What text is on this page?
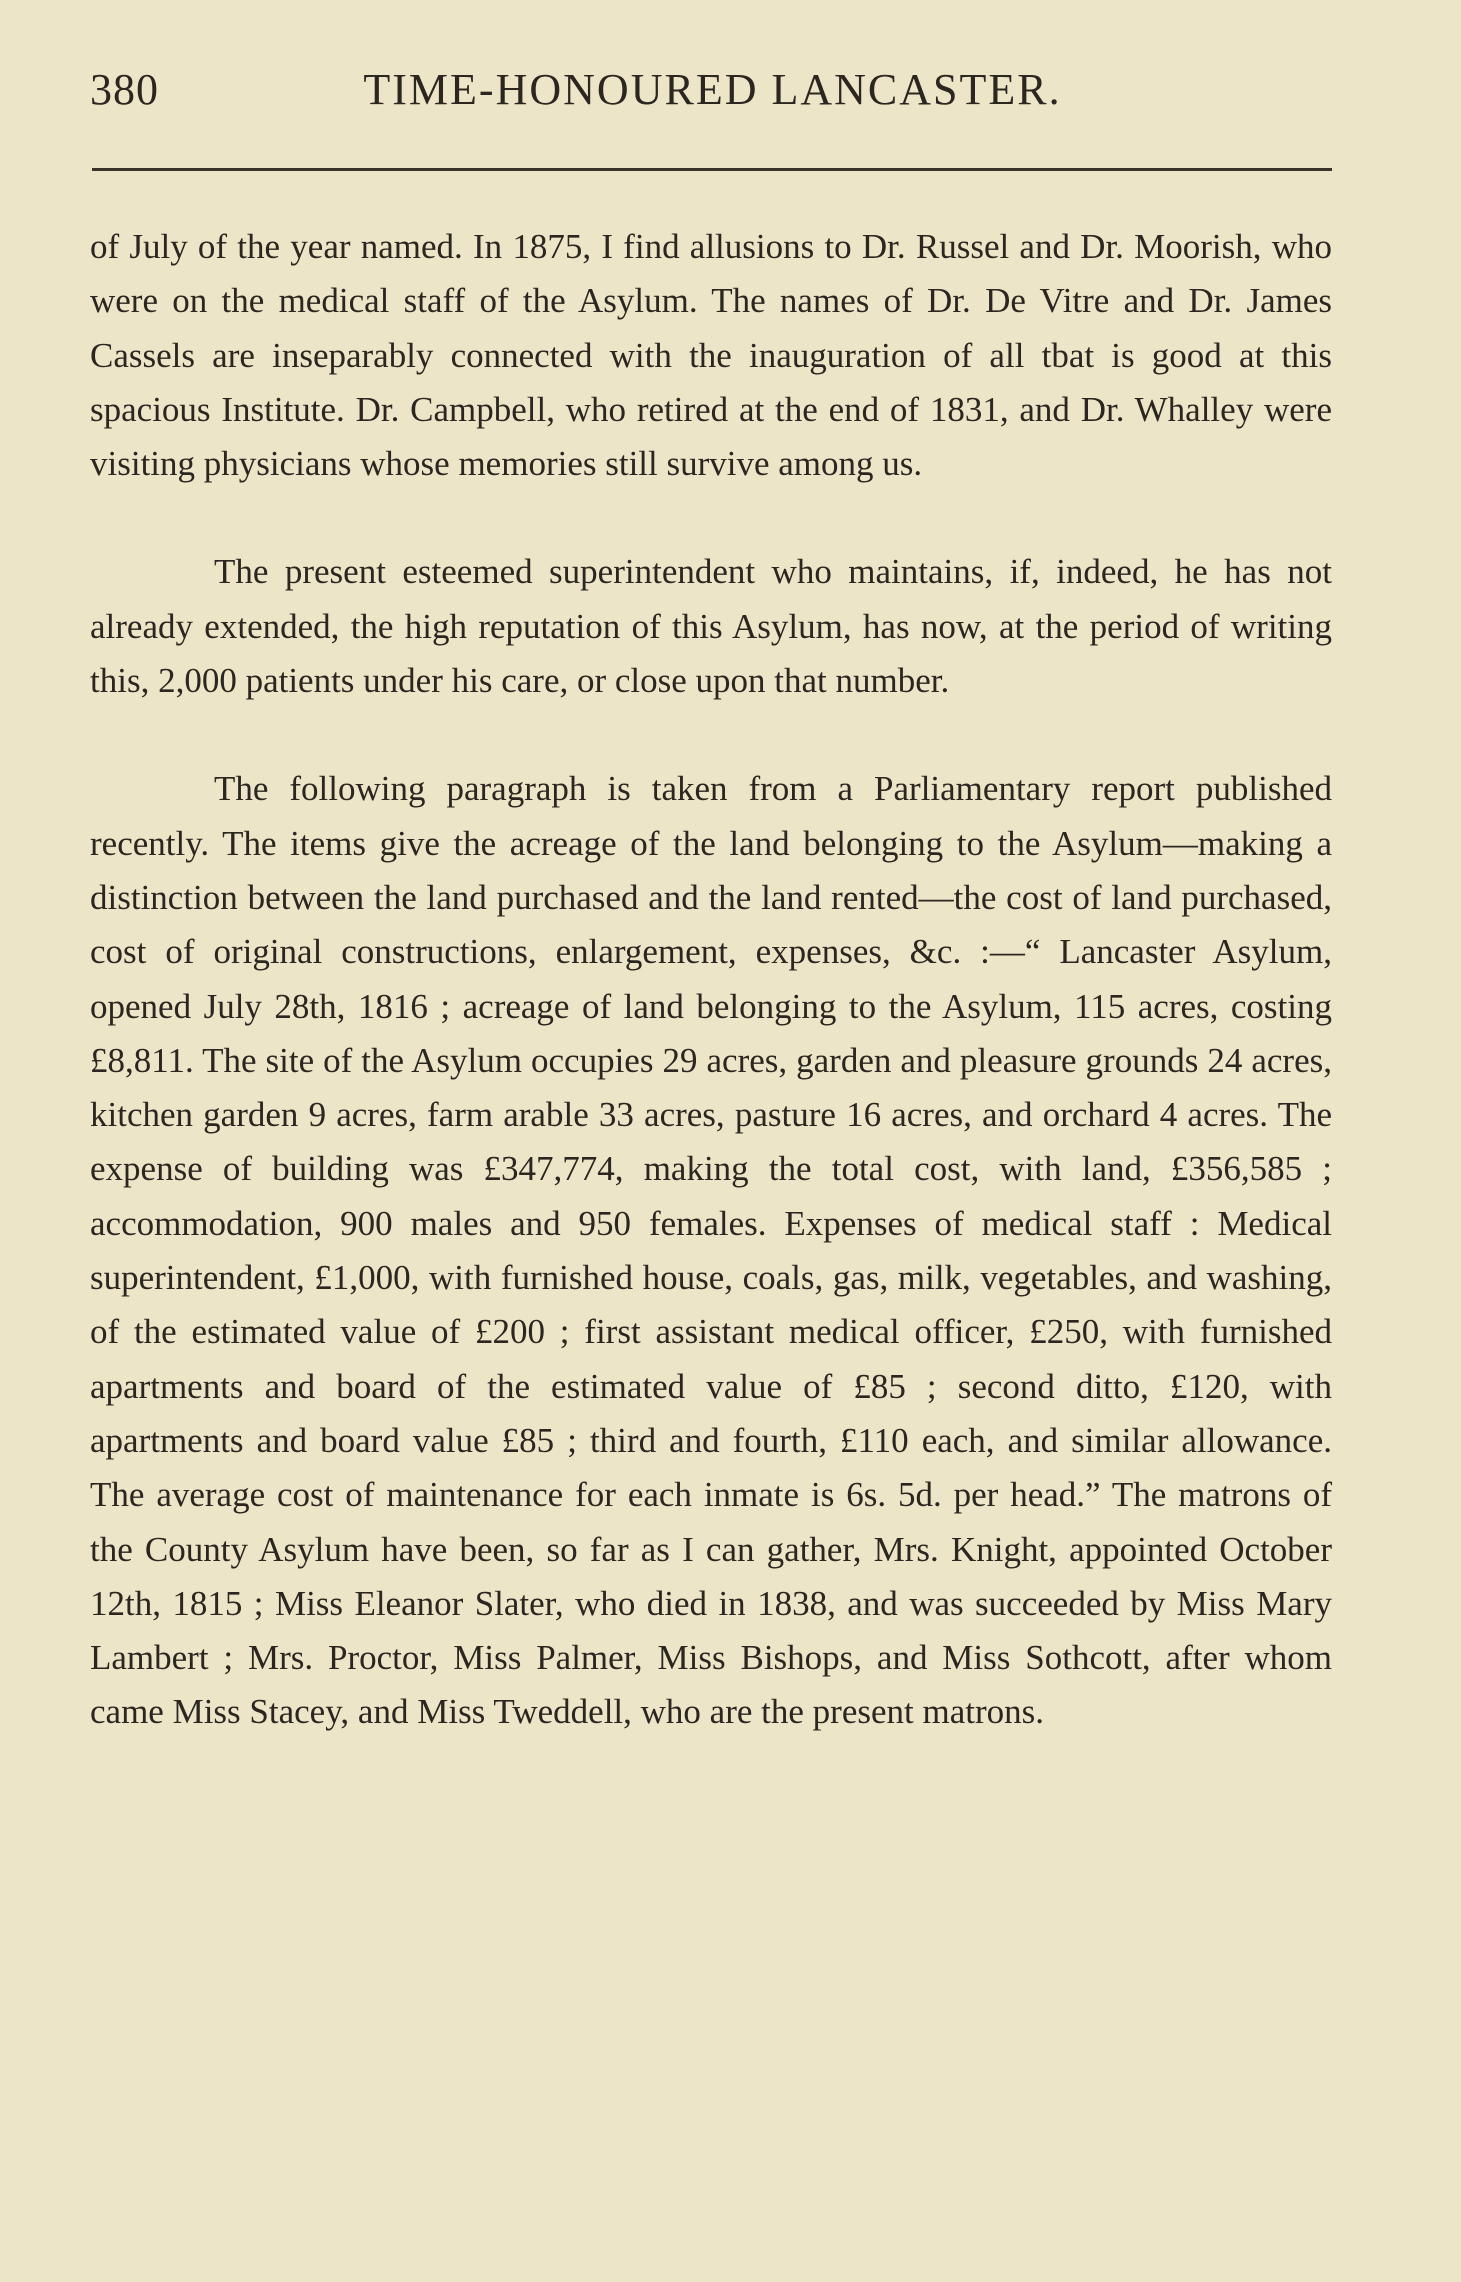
380	TIME-HONOURED LANCASTER.

of July of the year named. In 1875, I find allusions to Dr. Russel and Dr. Moorish, who were on the medical staff of the Asylum. The names of Dr. De Vitre and Dr. James Cassels are inseparably connected with the inauguration of all tbat is good at this spacious Institute. Dr. Campbell, who retired at the end of 1831, and Dr. Whalley were visiting physicians whose memories still survive among us.

The present esteemed superintendent who maintains, if, indeed, he has not already extended, the high reputation of this Asylum, has now, at the period of writing this, 2,000 patients under his care, or close upon that number.

The following paragraph is taken from a Parliamentary report published recently. The items give the acreage of the land belonging to the Asylum—making a distinction between the land purchased and the land rented—the cost of land purchased, cost of original constructions, enlargement, expenses, &c. :—“ Lancaster Asylum, opened July 28th, 1816 ; acreage of land belonging to the Asylum, 115 acres, costing £8,811. The site of the Asylum occupies 29 acres, garden and pleasure grounds 24 acres, kitchen garden 9 acres, farm arable 33 acres, pasture 16 acres, and orchard 4 acres. The expense of building was £347,774, making the total cost, with land, £356,585 ; accommodation, 900 males and 950 females. Expenses of medical staff : Medical superintendent, £1,000, with furnished house, coals, gas, milk, vegetables, and washing, of the estimated value of £200 ; first assistant medical officer, £250, with furnished apartments and board of the estimated value of £85 ; second ditto, £120, with apartments and board value £85 ; third and fourth, £110 each, and similar allowance. The average cost of maintenance for each inmate is 6s. 5d. per head.” The matrons of the County Asylum have been, so far as I can gather, Mrs. Knight, appointed October 12th, 1815 ; Miss Eleanor Slater, who died in 1838, and was succeeded by Miss Mary Lambert ; Mrs. Proctor, Miss Palmer, Miss Bishops, and Miss Sothcott, after whom came Miss Stacey, and Miss Tweddell, who are the present matrons.
